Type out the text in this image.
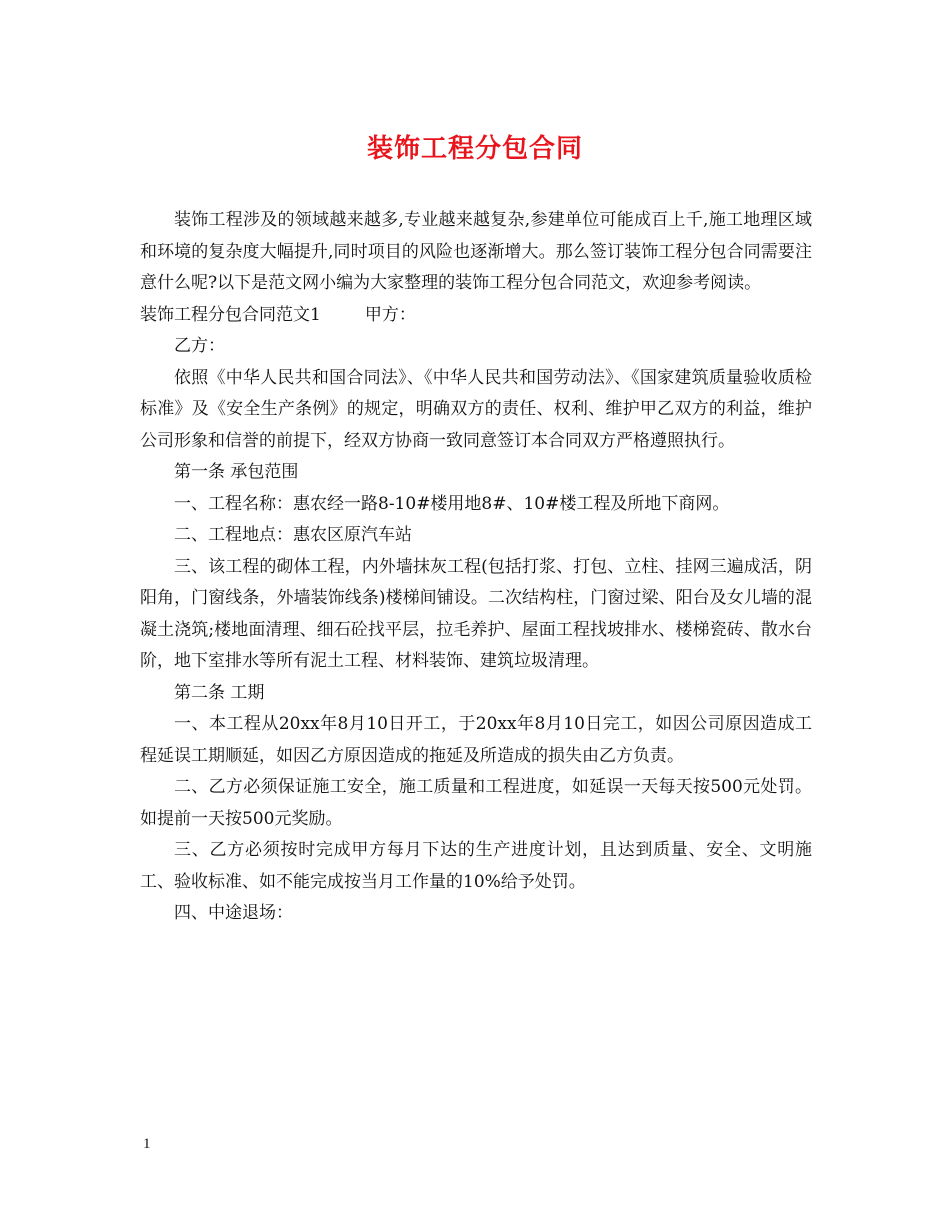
装饰工程分包合同

装饰工程涉及的领域越来越多,专业越来越复杂,参建单位可能成百上千,施工地理区域和环境的复杂度大幅提升,同时项目的风险也逐渐增大。那么签订装饰工程分包合同需要注意什么呢?以下是范文网小编为大家整理的装饰工程分包合同范文，欢迎参考阅读。

装饰工程分包合同范文1	甲方：

乙方：

依照《中华人民共和国合同法》、《中华人民共和国劳动法》、《国家建筑质量验收质检标准》及《安全生产条例》的规定，明确双方的责任、权利、维护甲乙双方的利益，维护公司形象和信誉的前提下，经双方协商一致同意签订本合同双方严格遵照执行。

第一条 承包范围

一、工程名称：惠农经一路8-10#楼用地8#、10#楼工程及所地下商网。

二、工程地点：惠农区原汽车站

三、该工程的砌体工程，内外墙抹灰工程(包括打浆、打包、立柱、挂网三遍成活，阴阳角，门窗线条，外墙装饰线条)楼梯间铺设。二次结构柱，门窗过梁、阳台及女儿墙的混凝土浇筑;楼地面清理、细石砼找平层，拉毛养护、屋面工程找坡排水、楼梯瓷砖、散水台阶，地下室排水等所有泥土工程、材料装饰、建筑垃圾清理。

第二条 工期

一、本工程从20xx年8月10日开工，于20xx年8月10日完工，如因公司原因造成工程延误工期顺延，如因乙方原因造成的拖延及所造成的损失由乙方负责。

二、乙方必须保证施工安全，施工质量和工程进度，如延误一天每天按500元处罚。如提前一天按500元奖励。

三、乙方必须按时完成甲方每月下达的生产进度计划，且达到质量、安全、文明施工、验收标准、如不能完成按当月工作量的10%给予处罚。

四、中途退场：

1
